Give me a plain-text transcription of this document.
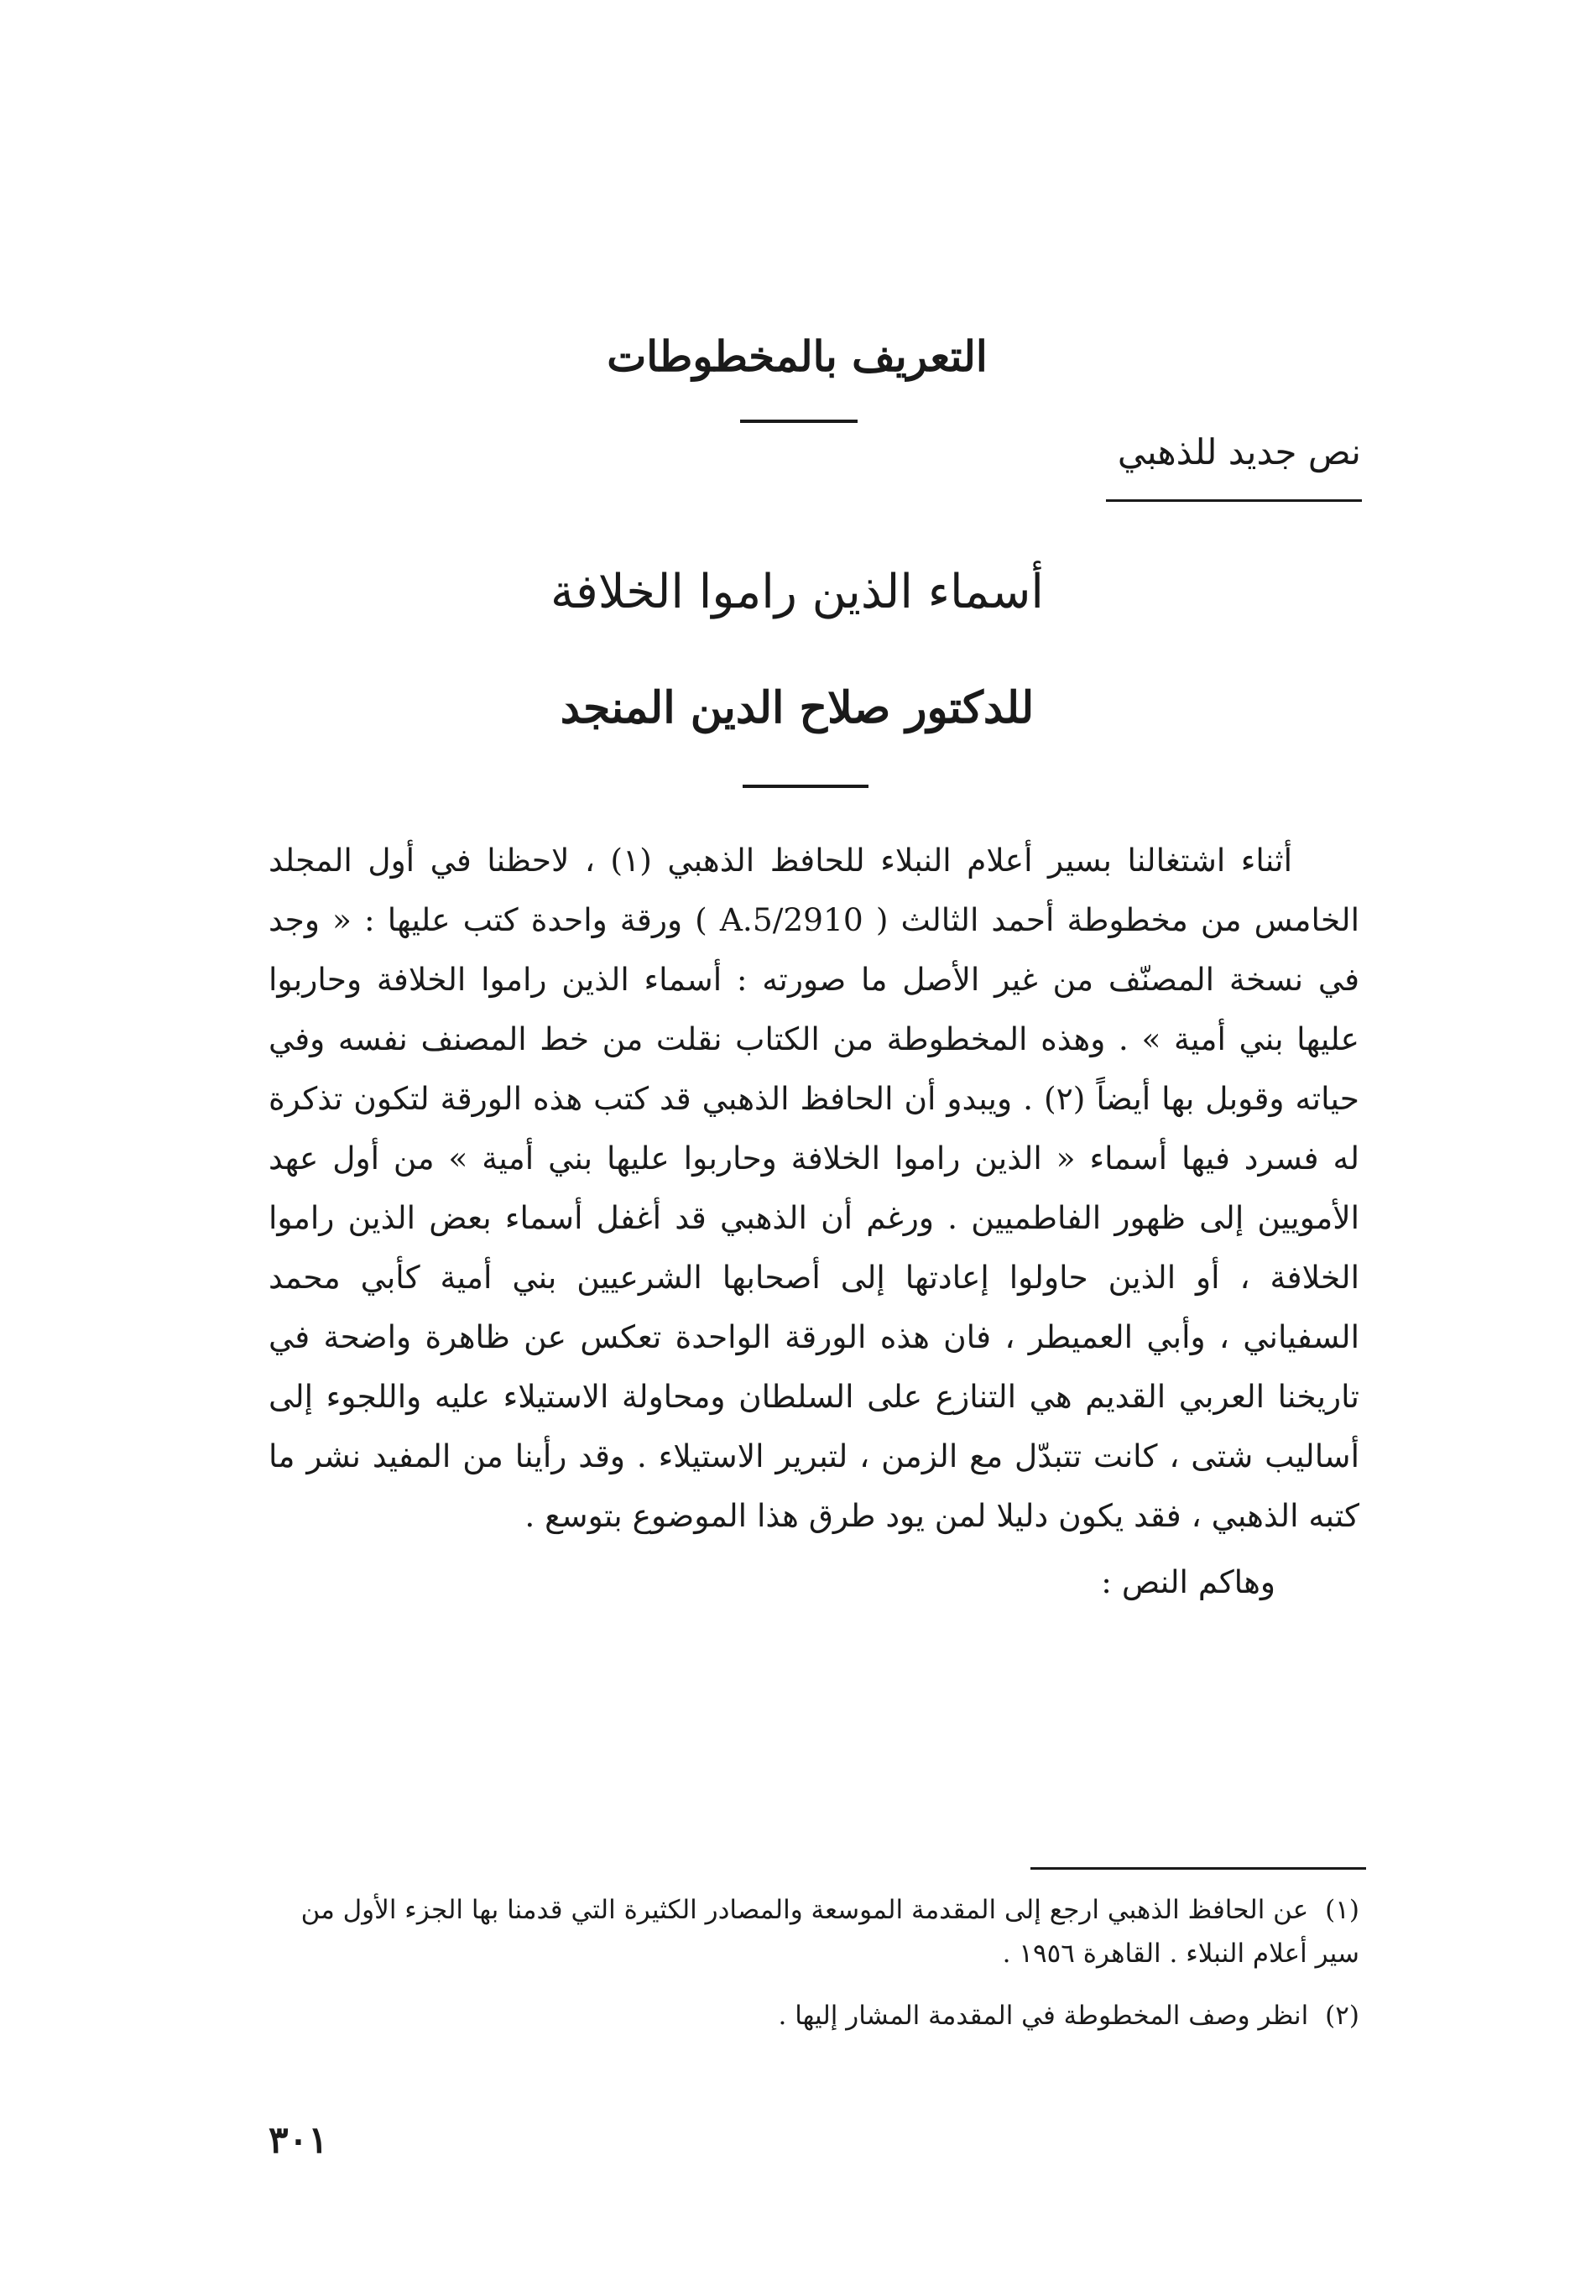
التعريف بالمخطوطات
نص جديد للذهبي
أسماء الذين راموا الخلافة
للدكتور صلاح الدين المنجد

أثناء اشتغالنا بسير أعلام النبلاء للحافظ الذهبي (١) ، لاحظنا في أول المجلد الخامس من مخطوطة أحمد الثالث ( A.5/2910 ) ورقة واحدة كتب عليها : « وجد في نسخة المصنّف من غير الأصل ما صورته : أسماء الذين راموا الخلافة وحاربوا عليها بني أمية » . وهذه المخطوطة من الكتاب نقلت من خط المصنف نفسه وفي حياته وقوبل بها أيضاً (٢) . ويبدو أن الحافظ الذهبي قد كتب هذه الورقة لتكون تذكرة له فسرد فيها أسماء « الذين راموا الخلافة وحاربوا عليها بني أمية » من أول عهد الأمويين إلى ظهور الفاطميين . ورغم أن الذهبي قد أغفل أسماء بعض الذين راموا الخلافة ، أو الذين حاولوا إعادتها إلى أصحابها الشرعيين بني أمية كأبي محمد السفياني ، وأبي العميطر ، فان هذه الورقة الواحدة تعكس عن ظاهرة واضحة في تاريخنا العربي القديم هي التنازع على السلطان ومحاولة الاستيلاء عليه واللجوء إلى أساليب شتى ، كانت تتبدّل مع الزمن ، لتبرير الاستيلاء . وقد رأينا من المفيد نشر ما كتبه الذهبي ، فقد يكون دليلا لمن يود طرق هذا الموضوع بتوسع .

وهاكم النص :

(١) عن الحافظ الذهبي ارجع إلى المقدمة الموسعة والمصادر الكثيرة التي قدمنا بها الجزء الأول من سير أعلام النبلاء . القاهرة ١٩٥٦ .

(٢) انظر وصف المخطوطة في المقدمة المشار إليها .

٣٠١
